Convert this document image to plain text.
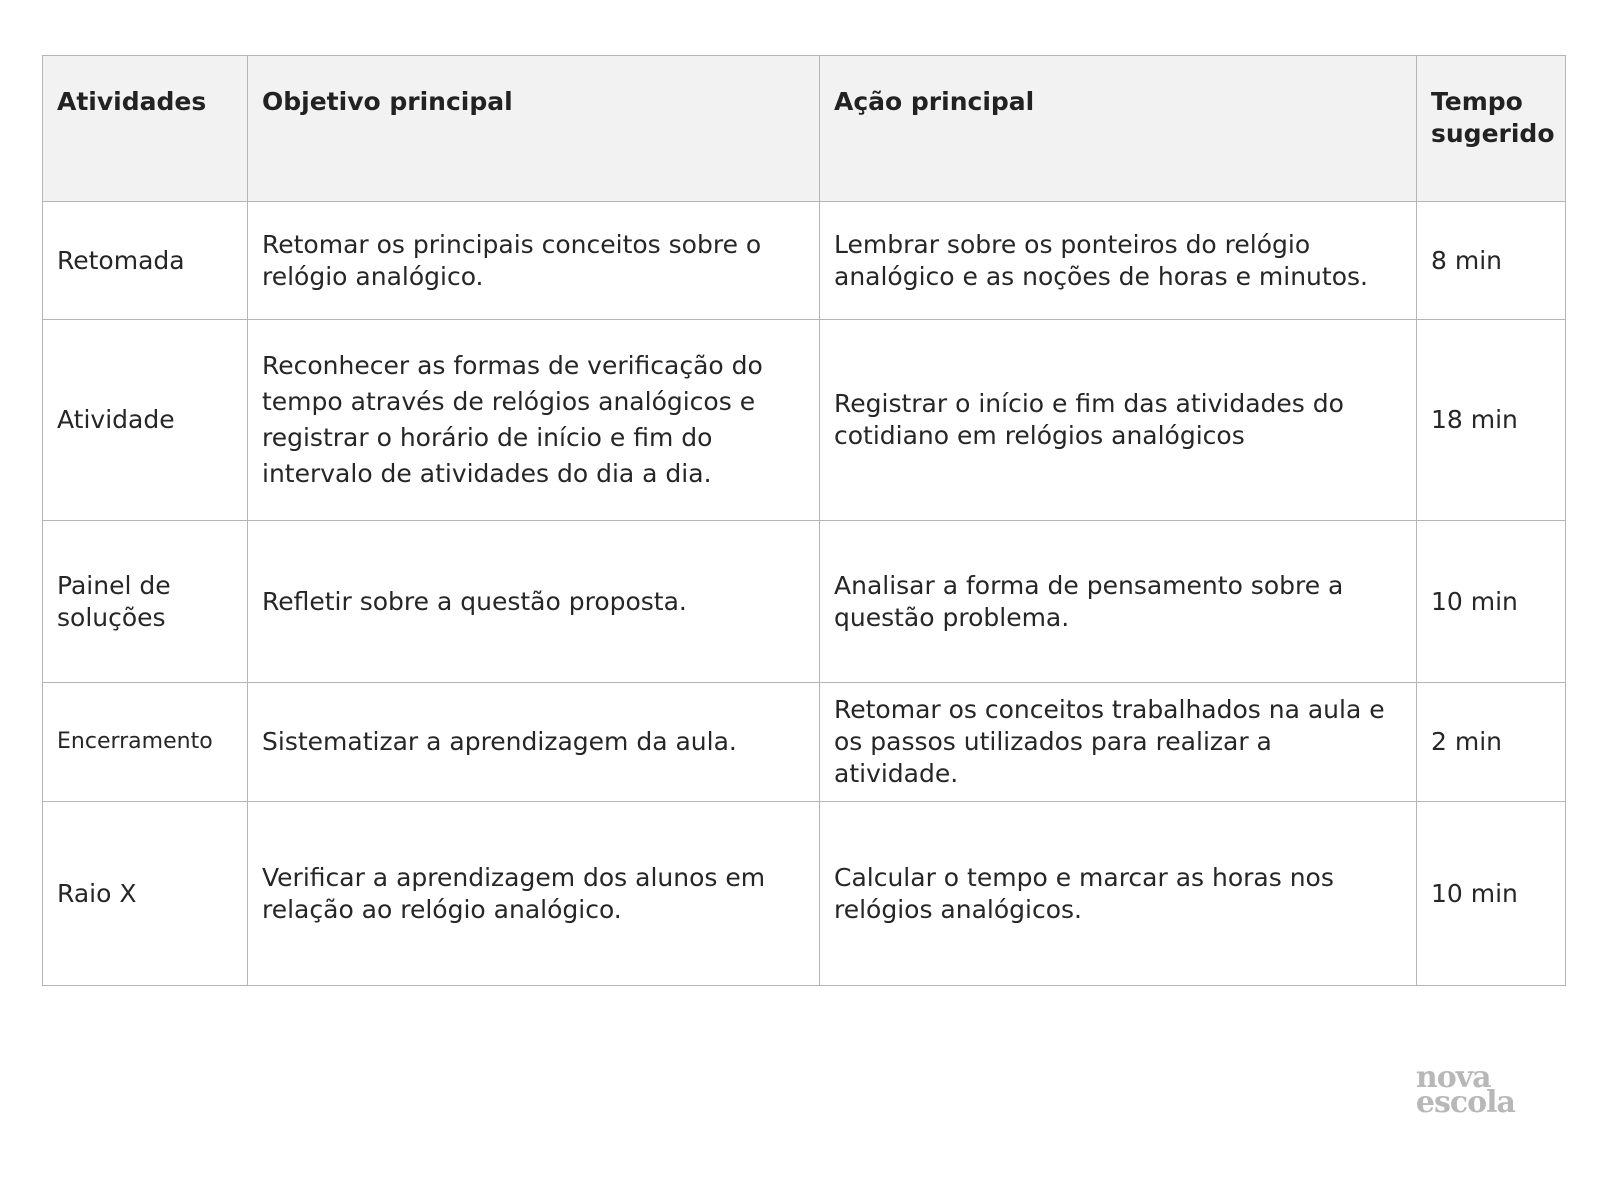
Atividades	Objetivo principal	Ação principal	Tempo sugerido
Retomada	Retomar os principais conceitos sobre o relógio analógico.	Lembrar sobre os ponteiros do relógio analógico e as noções de horas e minutos.	8 min
Atividade	Reconhecer as formas de verificação do tempo através de relógios analógicos e registrar o horário de início e fim do intervalo de atividades do dia a dia.	Registrar o início e fim das atividades do cotidiano em relógios analógicos	18 min
Painel de soluções	Refletir sobre a questão proposta.	Analisar a forma de pensamento sobre a questão problema.	10 min
Encerramento	Sistematizar a aprendizagem da aula.	Retomar os conceitos trabalhados na aula e os passos utilizados para realizar a atividade.	2 min
Raio X	Verificar a aprendizagem dos alunos em relação ao relógio analógico.	Calcular o tempo e marcar as horas nos relógios analógicos.	10 min
nova
escola
